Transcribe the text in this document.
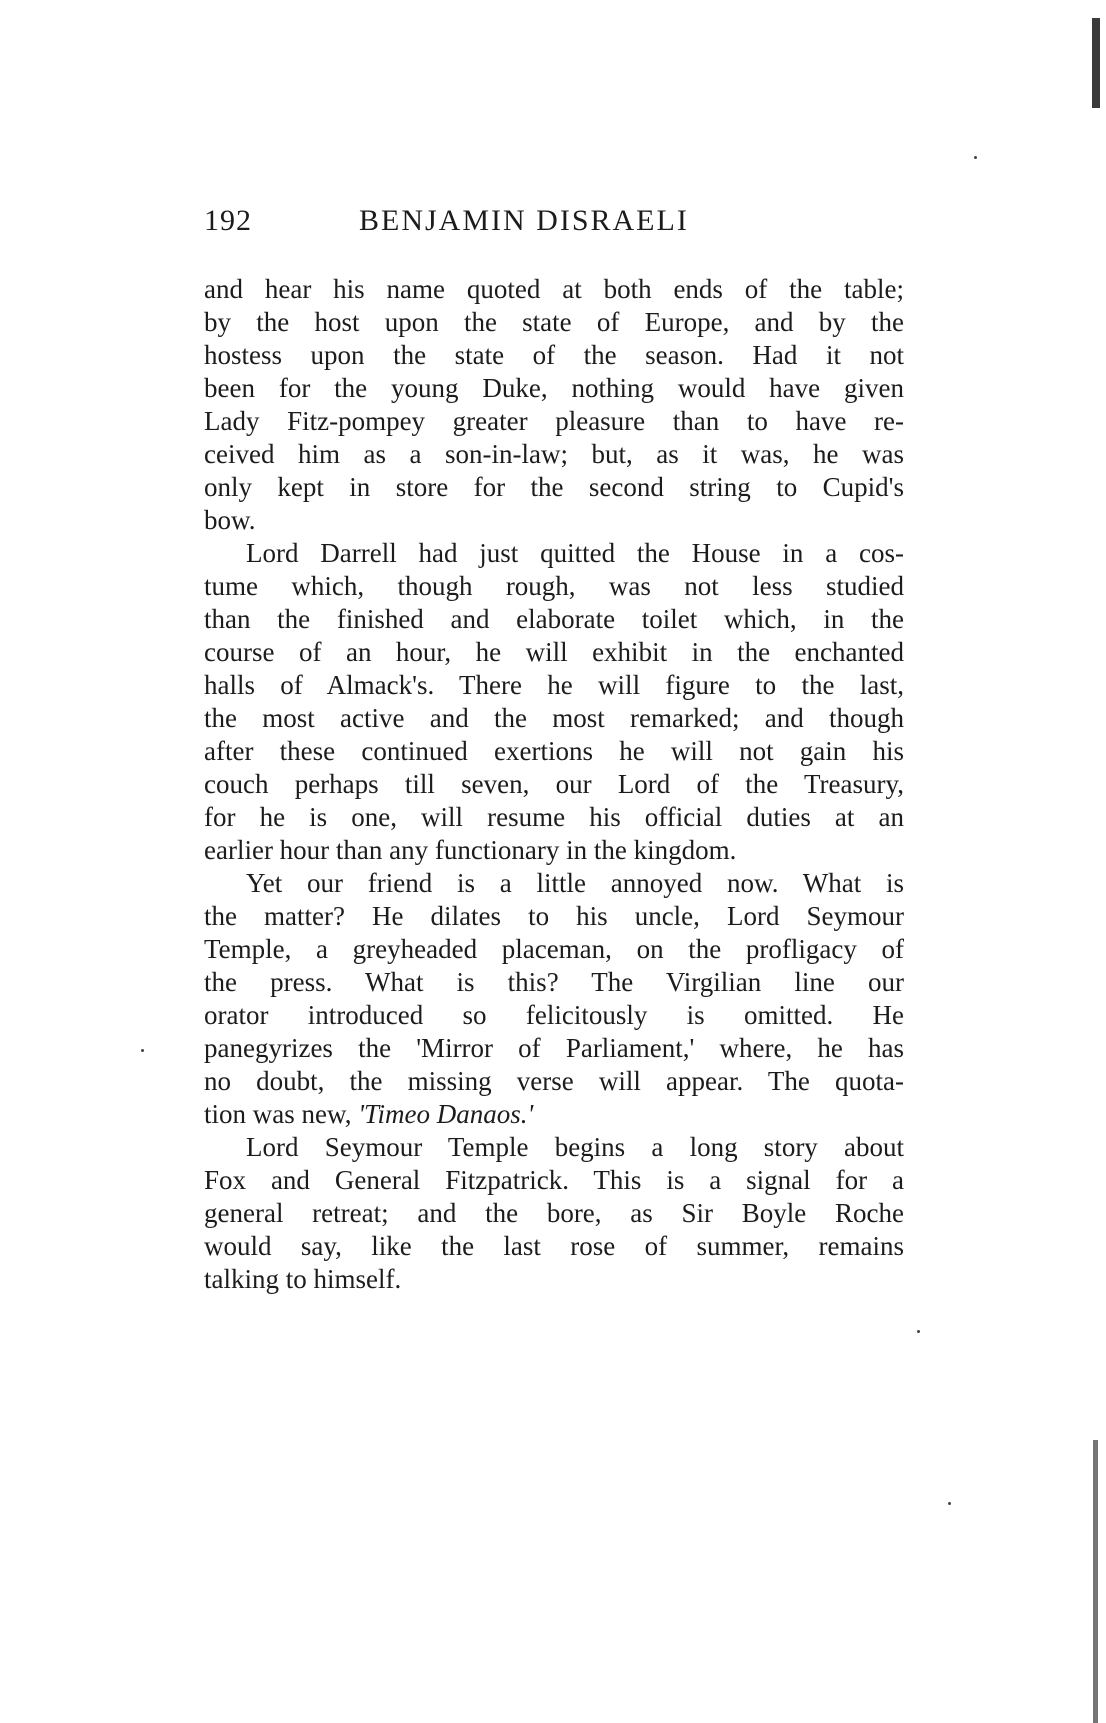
192	BENJAMIN DISRAELI
and hear his name quoted at both ends of the table;
by the host upon the state of Europe, and by the
hostess upon the state of the season. Had it not
been for the young Duke, nothing would have given
Lady Fitz-pompey greater pleasure than to have re-
ceived him as a son-in-law; but, as it was, he was
only kept in store for the second string to Cupid's
bow.
Lord Darrell had just quitted the House in a cos-
tume which, though rough, was not less studied
than the finished and elaborate toilet which, in the
course of an hour, he will exhibit in the enchanted
halls of Almack's. There he will figure to the last,
the most active and the most remarked; and though
after these continued exertions he will not gain his
couch perhaps till seven, our Lord of the Treasury,
for he is one, will resume his official duties at an
earlier hour than any functionary in the kingdom.
Yet our friend is a little annoyed now. What is
the matter? He dilates to his uncle, Lord Seymour
Temple, a greyheaded placeman, on the profligacy of
the press. What is this? The Virgilian line our
orator introduced so felicitously is omitted. He
panegyrizes the 'Mirror of Parliament,' where, he has
no doubt, the missing verse will appear. The quota-
tion was new, 'Timeo Danaos.'
Lord Seymour Temple begins a long story about
Fox and General Fitzpatrick. This is a signal for a
general retreat; and the bore, as Sir Boyle Roche
would say, like the last rose of summer, remains
talking to himself.
